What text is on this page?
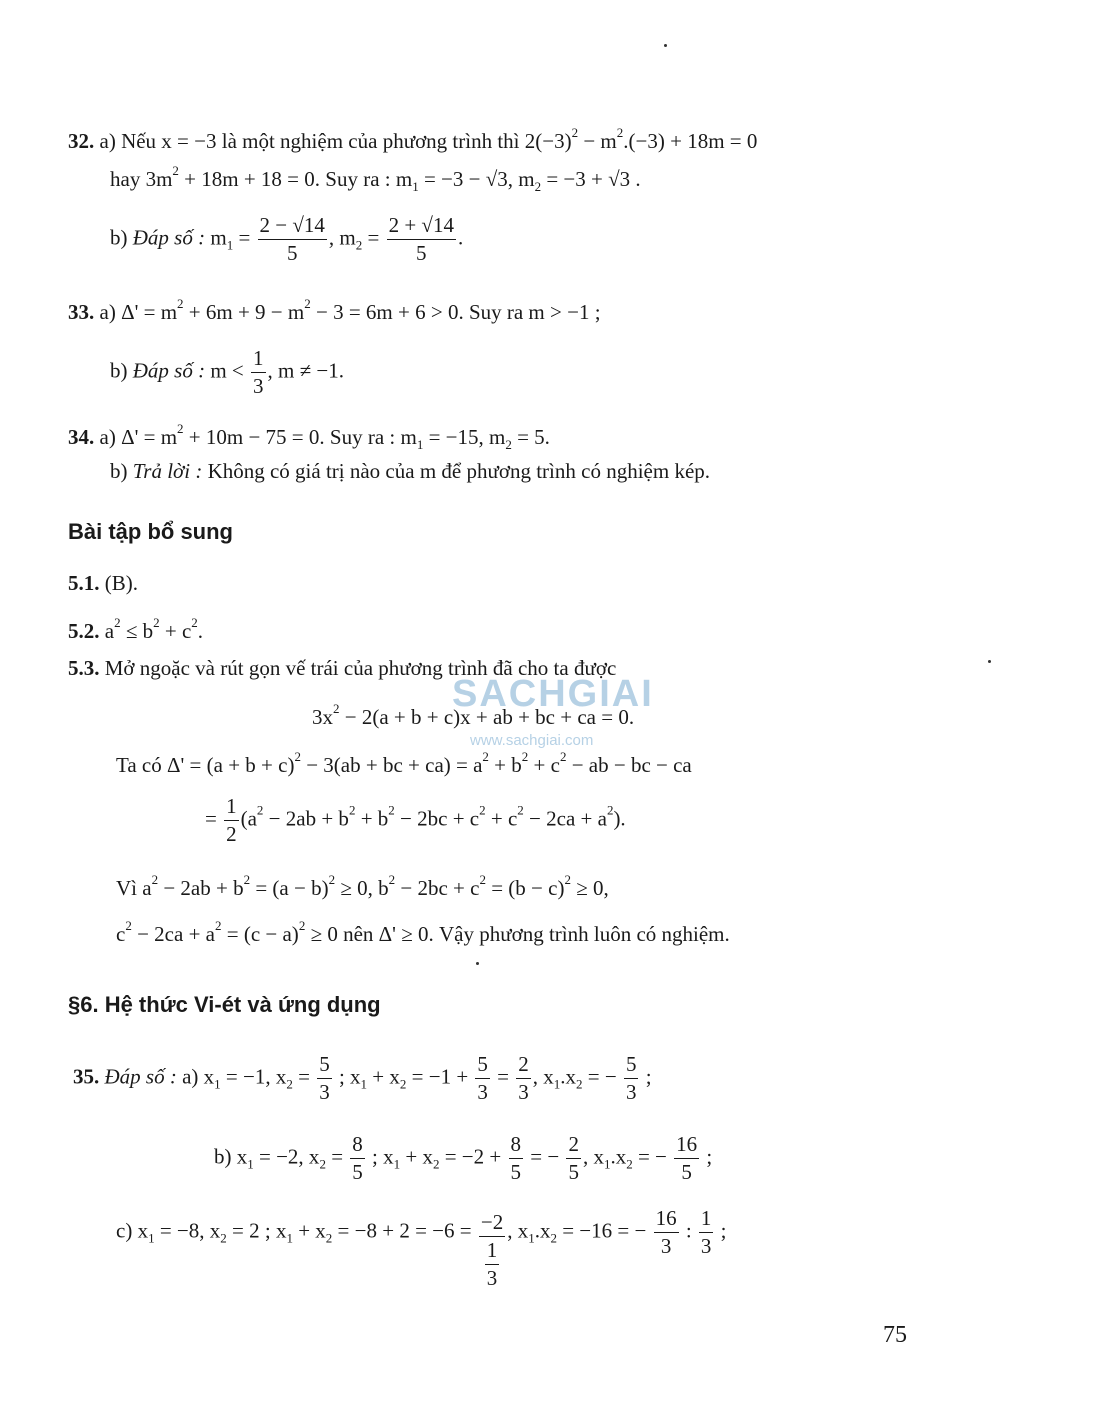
SACHGIAI
www.sachgiai.com
32. a) Nếu x = −3 là một nghiệm của phương trình thì $2(-3)^2 - m^2.(-3) + 18m = 0$
hay $3m^2 + 18m + 18 = 0$. Suy ra : $m_1 = -3 - √3$, $m_2 = -3 + √3$ .
b) Đáp số : $m_1 = \frac{2 - √14}{5}$ , $m_2 = \frac{2 + √14}{5}$ .
33. a) $\Delta' = m^2 + 6m + 9 - m^2 - 3 = 6m + 6 > 0$. Suy ra m > −1 ;
b) Đáp số : $m < \frac{1}{3}$ , m ≠ −1.
34. a) $\Delta' = m^2 + 10m - 75 = 0$. Suy ra : $m_1 = -15$, $m_2 = 5$.
b) Trả lời : Không có giá trị nào của m để phương trình có nghiệm kép.
Bài tập bổ sung
5.1. (B).
5.2. $a^2 \le b^2 + c^2$.
5.3. Mở ngoặc và rút gọn vế trái của phương trình đã cho ta được
$3x^2 - 2(a + b + c)x$ + ab + bc + ca = 0.
Ta có $\Delta' = (a + b + c)^2 - 3(ab$ + bc + $ca) = a^2 + b^2 + c^2$ − ab − bc − ca
= $\frac{1}{2} (a^2 - 2ab + b^2 + b^2 - 2bc + c^2 + c^2 - 2ca + a^2)$.
Vì $a^2 - 2ab + b^2 = (a - b)^2 \ge 0$, $b^2 - 2bc + c^2 = (b - c)^2 \ge 0$,
$c^2 - 2ca + a^2 = (c - a)^2 \ge 0$ nên Δ' ≥ 0. Vậy phương trình luôn có nghiệm.
§6. Hệ thức Vi-ét và ứng dụng
35. Đáp số : a) $x_1 = -1$, $x_2 = \frac{5}{3}$ ; $x_1 + x_2 = -1 + \frac{5}{3} = \frac{2}{3}$ , $x_1.x_2$ = − $\frac{5}{3}$ ;
b) $x_1 = -2$, $x_2 = \frac{8}{5}$ ; $x_1 + x_2 = -2 + \frac{8}{5}$ = − $\frac{2}{5}$ , $x_1.x_2$ = − $\frac{16}{5}$ ;
c) $x_1 = -8$, $x_2 = 2$ ; $x_1 + x_2 = -8 + 2 = -6 = \frac{-2}{\frac{1}{3}}$ , $x_1.x_2 = -16$ = − $\frac{16}{3}$ : $\frac{1}{3}$ ;
75
